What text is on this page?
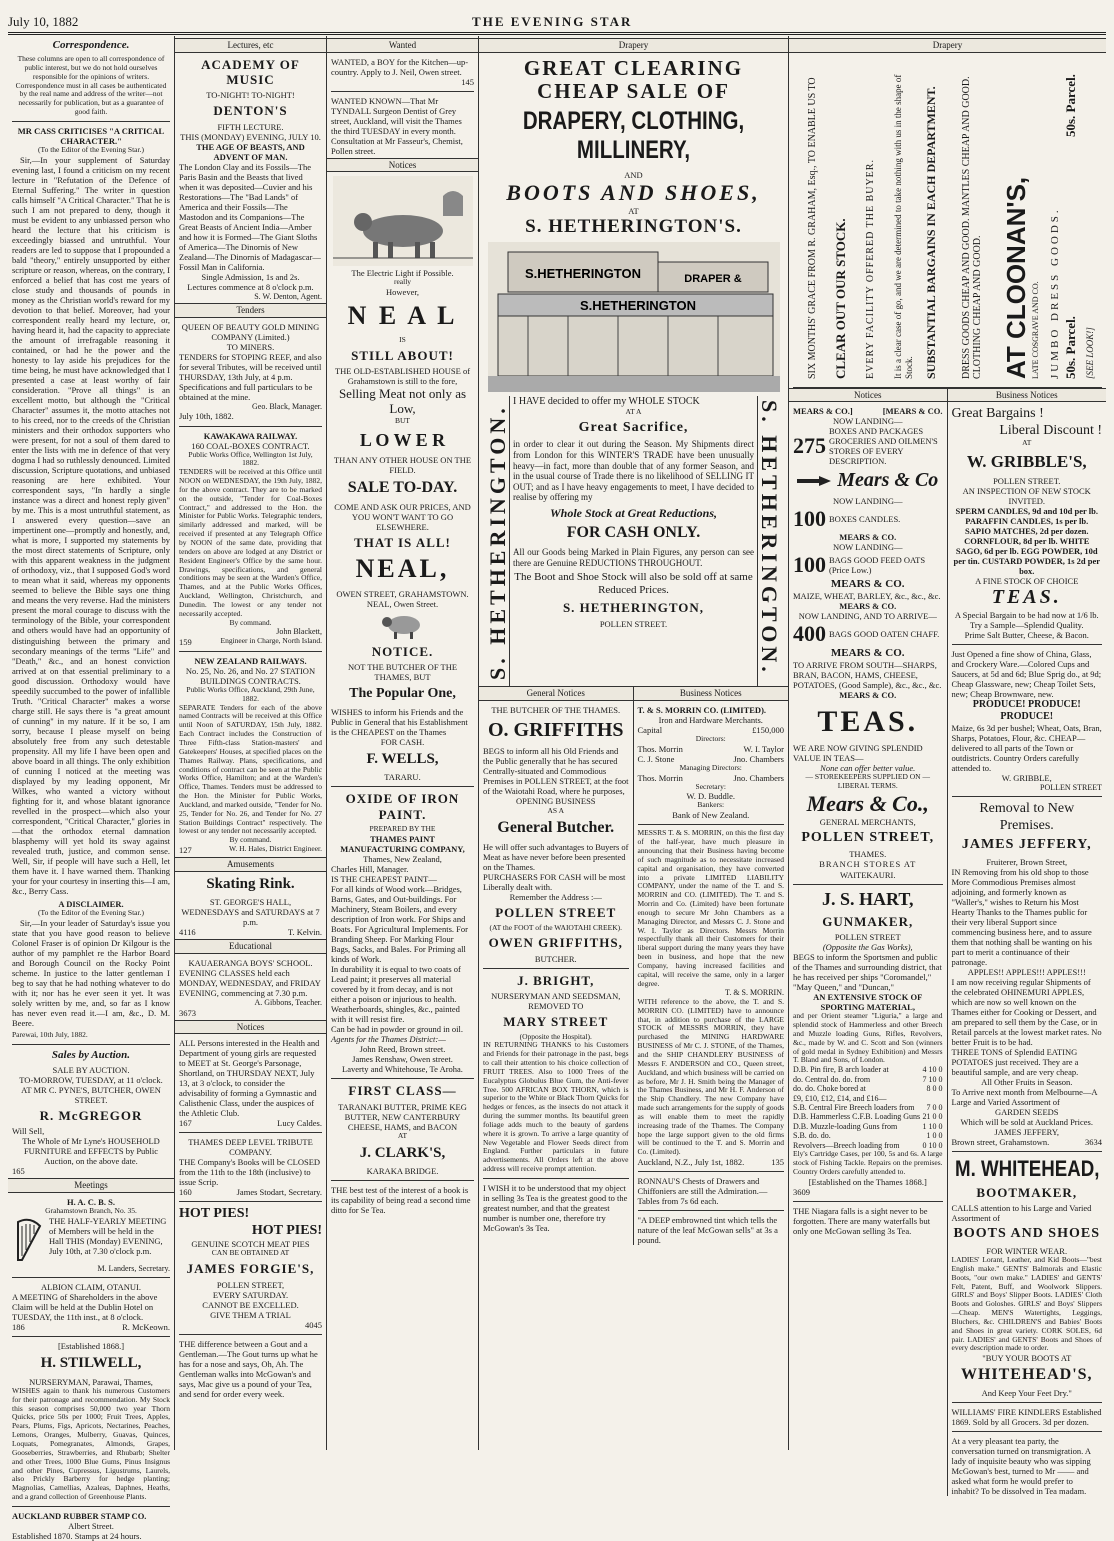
July 10, 1882	THE EVENING STAR
Correspondence.
These columns are open to all correspondence of public interest, but we do not hold ourselves responsible for the opinions of writers. Correspondence must in all cases be authenticated by the real name and address of the writer—not necessarily for publication, but as a guarantee of good faith.
MR CASS CRITICISES "A CRITICAL CHARACTER."
(To the Editor of the Evening Star.)

Sir,—In your supplement of Saturday evening last, I found a criticism on my recent lecture in "Refutation of the Defence of Eternal Suffering." The writer in question calls himself "A Critical Character." That he is such I am not prepared to deny, though it must be evident to any unbiassed person who heard the lecture that his criticism is exceedingly biassed and untruthful. Your readers are led to suppose that I propounded a bald "theory," entirely unsupported by either scripture or reason, whereas, on the contrary, I enforced a belief that has cost me years of close study and thousands of pounds in money as the Christian world's reward for my devotion to that belief. Moreover, had your correspondent really heard my lecture, or, having heard it, had the capacity to appreciate the amount of irrefragable reasoning it contained, or had he the power and the honesty to lay aside his prejudices for the time being, he must have acknowledged that I presented a case at least worthy of fair consideration. "Prove all things" is an excellent motto, but although the "Critical Character" assumes it, the motto attaches not to his creed, nor to the creeds of the Christian ministers and their orthodox supporters who were present, for not a soul of them dared to enter the lists with me in defence of that very dogma I had so ruthlessly denounced. Limited discussion, Scripture quotations, and unbiased reasoning are here exhibited. Your correspondent says, "In hardly a single instance was a direct and honest reply given" by me. This is a most untruthful statement, as I answered every question—save an impertinent one—promptly and honestly, and, what is more, I supported my statements by the most direct statements of Scripture, only with this apparent weakness in the judgment of orthodoxy, viz., that I supposed God's word to mean what it said, whereas my opponents seemed to believe the Bible says one thing and means the very reverse. Had the ministers present the moral courage to discuss with the terminology of the Bible, your correspondent and others would have had an opportunity of distinguishing between the primary and secondary meanings of the terms "Life" and "Death," &c., and an honest conviction arrived at on that essential preliminary to a good discussion. Orthodoxy would have speedily succumbed to the power of infallible Truth. "Critical Character" makes a worse charge still. He says there is "a great amount of cunning" in my nature. If it be so, I am sorry, because I please myself on being absolutely free from any such detestable propensity. All my life I have been open and above board in all things. The only exhibition of cunning I noticed at the meeting was displayed by my leading opponent, Mr Wilkes, who wanted a victory without fighting for it, and whose blatant ignorance revelled in the prospect—which also your correspondent, "Critical Character," glories in—that the orthodox eternal damnation blasphemy will yet hold its sway against revealed truth, justice, and common sense. Well, Sir, if people will have such a Hell, let them have it. I have warned them. Thanking your for your courtesy in inserting this—I am, &c., Berry Cass.

A DISCLAIMER.
(To the Editor of the Evening Star.)

Sir,—In your leader of Saturday's issue you state that you have good reason to believe Colonel Fraser is of opinion Dr Kilgour is the author of my pamphlet re the Harbor Board and Borough Council on the Rocky Point scheme. In justice to the latter gentleman I beg to say that he had nothing whatever to do with it; nor has he ever seen it yet. It was solely written by me, and, so far as I know has never even read it.—I am, &c., D. M. Beere.

Parewai, 10th July, 1882.
Sales by Auction.
SALE BY AUCTION.
TO-MORROW, TUESDAY, at 11 o'clock.
AT MR C. PYNE'S, BUTCHER, OWEN STREET.
R. McGREGOR
Will Sell,
The Whole of Mr Lyne's HOUSEHOLD FURNITURE and EFFECTS by Public Auction, on the above date.
165
Meetings
H. A. C. B. S.
Grahamstown Branch, No. 35.
THE HALF-YEARLY MEETING of Members will be held in the Hall THIS (Monday) EVENING, July 10th, at 7.30 o'clock p.m.
M. Landers, Secretary.
ALBION CLAIM, OTANUI.
A MEETING of Shareholders in the above Claim will be held at the Dublin Hotel on TUESDAY, the 11th inst., at 8 o'clock.
186	R. McKeown.
[Established 1868.]
H. STILWELL,
NURSERYMAN, Parawai, Thames,
WISHES again to thank his numerous Customers for their patronage and recommendation. My Stock this season comprises 50,000 two year Thorn Quicks, price 50s per 1000; Fruit Trees, Apples, Pears, Plums, Figs, Apricots, Nectarines, Peaches, Lemons, Oranges, Mulberry, Guavas, Quinces, Loquats, Pomegranates, Almonds, Grapes, Gooseberries, Strawberries, and Rhubarb; Shelter and other Trees, 1000 Blue Gums, Pinus Insignus and other Pines, Cupressus, Ligustrums, Laurels, also Prickly Barberry for hedge planting; Magnolias, Camellias, Azaleas, Daphnes, Heaths, and a grand collection of Greenhouse Plants.
AUCKLAND RUBBER STAMP CO.
Albert Street.
Established 1870. Stamps at 24 hours.
Lectures, etc
ACADEMY OF MUSIC
TO-NIGHT! TO-NIGHT!
DENTON'S
FIFTH LECTURE.
THIS (MONDAY) EVENING, JULY 10.
THE AGE OF BEASTS, AND ADVENT OF MAN.
The London Clay and its Fossils—The Paris Basin and the Beasts that lived when it was deposited—Cuvier and his Restorations—The "Bad Lands" of America and their Fossils—The Mastodon and its Companions—The Great Beasts of Ancient India—Amber and how it is Formed—The Giant Sloths of America—The Dinornis of New Zealand—The Dinornis of Madagascar—Fossil Man in California.
Single Admission, 1s and 2s.
Lectures commence at 8 o'clock p.m.
S. W. Denton, Agent.
Tenders
QUEEN OF BEAUTY GOLD MINING COMPANY (Limited.)
TO MINERS.
TENDERS for STOPING REEF, and also for several Tributes, will be received until THURSDAY, 13th July, at 4 p.m. Specifications and full particulars to be obtained at the mine.
Geo. Black, Manager.
July 10th, 1882.
KAWAKAWA RAILWAY.
160 COAL-BOXES CONTRACT.
Public Works Office, Wellington 1st July, 1882.
TENDERS will be received at this Office until NOON on WEDNESDAY, the 19th July, 1882, for the above contract. They are to be marked on the outside, "Tender for Coal-Boxes Contract," and addressed to the Hon. the Minister for Public Works. Telegraphic tenders, similarly addressed and marked, will be received if presented at any Telegraph Office by NOON of the same date, providing that tenders on above are lodged at any District or Resident Engineer's Office by the same hour. Drawings, specifications, and general conditions may be seen at the Warden's Office, Thames, and at the Public Works Offices, Auckland, Wellington, Christchurch, and Dunedin. The lowest or any tender not necessarily accepted.
By command.
John Blackett,
159	Engineer in Charge, North Island.
NEW ZEALAND RAILWAYS.
No. 25, No. 26, and No. 27 STATION BUILDINGS CONTRACTS.
Public Works Office, Auckland, 29th June, 1882.
SEPARATE Tenders for each of the above named Contracts will be received at this Office until Noon of SATURDAY, 15th July, 1882. Each Contract includes the Construction of Three Fifth-class Station-masters' and Gatekeepers' Houses, at specified places on the Thames Railway. Plans, specifications, and conditions of contract can be seen at the Public Works Office, Hamilton; and at the Warden's Office, Thames. Tenders must be addressed to the Hon. the Minister for Public Works, Auckland, and marked outside, "Tender for No. 25, Tender for No. 26, and Tender for No. 27 Station Buildings Contract" respectively. The lowest or any tender not necessarily accepted.
By command.
127	W. H. Hales, District Engineer.
Amusements
Skating Rink.
ST. GEORGE'S HALL,
WEDNESDAYS and SATURDAYS at 7 p.m.
4116	T. Kelvin.
Educational
KAUAERANGA BOYS' SCHOOL.
EVENING CLASSES held each MONDAY, WEDNESDAY, and FRIDAY EVENING, commencing at 7.30 p.m.
A. Gibbons, Teacher.
3673
Notices
ALL Persons interested in the Health and Department of young girls are requested to MEET at St. George's Parsonage, Shortland, on THURSDAY NEXT, July 13, at 3 o'clock, to consider the advisability of forming a Gymnastic and Calisthenic Class, under the auspices of the Athletic Club.
167	Lucy Caldes.
THAMES DEEP LEVEL TRIBUTE COMPANY.
THE Company's Books will be CLOSED from the 11th to the 18th (inclusive) to issue Scrip.
160	James Stodart, Secretary.
HOT PIES!
HOT PIES!
GENUINE SCOTCH MEAT PIES
CAN BE OBTAINED AT
JAMES FORGIE'S,
POLLEN STREET,
EVERY SATURDAY.
CANNOT BE EXCELLED.
GIVE THEM A TRIAL
4045
THE difference between a Gout and a Gentleman.—The Gout turns up what he has for a nose and says, Oh, Ah. The Gentleman walks into McGowan's and says, Mac give us a pound of your Tea, and send for order every week.
Wanted
WANTED, a BOY for the Kitchen—up-country. Apply to J. Neil, Owen street.
145
WANTED KNOWN—That Mr TYNDALL Surgeon Dentist of Grey street, Auckland, will visit the Thames the third TUESDAY in every month. Consultation at Mr Fasseur's, Chemist, Pollen street.
Notices
The Electric Light if Possible.
really
However,
N E A L
IS
STILL ABOUT!
THE OLD-ESTABLISHED HOUSE of Grahamstown is still to the fore,
Selling Meat not only as Low,
BUT
L O W E R
THAN ANY OTHER HOUSE ON THE FIELD.
SALE TO-DAY.
COME AND ASK OUR PRICES, AND
YOU WON'T WANT TO GO ELSEWHERE.
THAT IS ALL!
NEAL,
OWEN STREET, GRAHAMSTOWN.
NEAL, Owen Street.
NOTICE.
NOT THE BUTCHER OF THE THAMES, BUT
The Popular One,
WISHES to inform his Friends and the Public in General that his Establishment is the CHEAPEST on the Thames
FOR CASH.
F. WELLS,
TARARU.
OXIDE OF IRON PAINT.
PREPARED BY THE
THAMES PAINT MANUFACTURING COMPANY,
Thames, New Zealand,
Charles Hill, Manager.
IS THE CHEAPEST PAINT—
For all kinds of Wood work—Bridges, Barns, Gates, and Out-buildings. For Machinery, Steam Boilers, and every description of Iron work. For Ships and Boats. For Agricultural Implements. For Branding Sheep. For Marking Flour Bags, Sacks, and Bales. For Priming all kinds of Work.
In durability it is equal to two coats of Lead paint; it preserves all material covered by it from decay, and is not either a poison or injurious to health.
Weatherboards, shingles, &c., painted with it will resist fire.
Can be had in powder or ground in oil.
Agents for the Thames District:—
John Reed, Brown street.
James Renshaw, Owen street.
Laverty and Whitehouse, Te Aroha.
FIRST CLASS—
TARANAKI BUTTER, PRIME KEG BUTTER, NEW CANTERBURY CHEESE, HAMS, and BACON
AT
J. CLARK'S,
KARAKA BRIDGE.
THE best test of the interest of a book is its capability of being read a second time ditto for Se Tea.
Drapery
GREAT CLEARING CHEAP SALE OF
DRAPERY, CLOTHING, MILLINERY,
AND
BOOTS AND SHOES,
AT
S. HETHERINGTON'S.
S.HETHERINGTON	DRAPER &
S.HETHERINGTON
S. HETHERINGTON.	S. HETHERINGTON.
I HAVE decided to offer my WHOLE STOCK
AT A
Great Sacrifice,
in order to clear it out during the Season. My Shipments direct from London for this WINTER'S TRADE have been unusually heavy—in fact, more than double that of any former Season, and in the usual course of Trade there is no likelihood of SELLING IT OUT; and as I have heavy engagements to meet, I have decided to realise by offering my
Whole Stock at Great Reductions,
FOR CASH ONLY.
All our Goods being Marked in Plain Figures, any person can see there are Genuine REDUCTIONS THROUGHOUT.
The Boot and Shoe Stock will also be sold off at same Reduced Prices.
S. HETHERINGTON,
POLLEN STREET.
General Notices
THE BUTCHER OF THE THAMES.
O. GRIFFITHS
BEGS to inform all his Old Friends and the Public generally that he has secured Centrally-situated and Commodious Premises in POLLEN STREET, at the foot of the Waiotahi Road, where he purposes,
OPENING BUSINESS
AS A
General Butcher.
He will offer such advantages to Buyers of Meat as have never before been presented on the Thames.
PURCHASERS FOR CASH will be most Liberally dealt with.
Remember the Address :—
POLLEN STREET
(AT the FOOT of the WAIOTAHI CREEK).
OWEN GRIFFITHS,
BUTCHER.
J. BRIGHT,
NURSERYMAN AND SEEDSMAN, REMOVED TO
MARY STREET
(Opposite the Hospital).
IN RETURNING THANKS to his Customers and Friends for their patronage in the past, begs to call their attention to his choice collection of FRUIT TREES. Also to 1000 Trees of the Eucalyptus Globulus Blue Gum, the Anti-fever Tree. 500 AFRICAN BOX THORN, which is superior to the White or Black Thorn Quicks for hedges or fences, as the insects do not attack it during the summer months. Its beautiful green foliage adds much to the beauty of gardens where it is grown. To arrive a large quantity of New Vegetable and Flower Seeds direct from England. Further particulars in future advertisements. All Orders left at the above address will receive prompt attention.
I WISH it to be understood that my object in selling 3s Tea is the greatest good to the greatest number, and that the greatest number is number one, therefore try McGowan's 3s Tea.
Business Notices
T. & S. MORRIN CO. (LIMITED).
Iron and Hardware Merchants.
Capital	£150,000
Directors:
Thos. Morrin	W. I. Taylor
C. J. Stone	Jno. Chambers
Managing Directors:
Thos. Morrin	Jno. Chambers
Secretary:
W. D. Buddle.
Bankers:
Bank of New Zealand.
MESSRS T. & S. MORRIN, on this the first day of the half-year, have much pleasure in announcing that their Business having become of such magnitude as to necessitate increased capital and organisation, they have converted into a private LIMITED LIABILITY COMPANY, under the name of the T. and S. MORRIN and CO. (LIMITED). The T. and S. Morrin and Co. (Limited) have been fortunate enough to secure Mr John Chambers as a Managing Director, and Messrs C. J. Stone and W. I. Taylor as Directors. Messrs Morrin respectfully thank all their Customers for their liberal support during the many years they have been in business, and hope that the new Company, having increased facilities and capital, will receive the same, only in a larger degree.
T. & S. MORRIN.
WITH reference to the above, the T. and S. MORRIN CO. (LIMITED) have to announce that, in addition to purchase of the LARGE STOCK of MESSRS MORRIN, they have purchased the MINING HARDWARE BUSINESS of Mr C. J. STONE, of the Thames, and the SHIP CHANDLERY BUSINESS of Messrs F. ANDERSON and CO., Queen street, Auckland, and which business will be carried on as before, Mr J. H. Smith being the Manager of the Thames Business, and Mr H. F. Anderson of the Ship Chandlery. The new Company have made such arrangements for the supply of goods as will enable them to meet the rapidly increasing trade of the Thames. The Company hope the large support given to the old firms will be continued to the T. and S. Morrin and Co. (Limited).
Auckland, N.Z., July 1st, 1882.	135
RONNAU'S Chests of Drawers and Chiffoniers are still the Admiration.—Tables from 7s 6d each.
"A DEEP embrowned tint which tells the nature of the leaf McGowan sells" at 3s a pound.
Drapery
SIX MONTHS' GRACE FROM R. GRAHAM, Esq., TO ENABLE US TO CLEAR OUT OUR STOCK. EVERY FACILITY OFFERED THE BUYER. It is a clear case of go, and we are determined to take nothing with us in the shape of Stock. SUBSTANTIAL BARGAINS IN EACH DEPARTMENT. DRESS GOODS CHEAP AND GOOD. MANTLES CHEAP AND GOOD. CLOTHING CHEAP AND GOOD. AT CLOONAN'S, LATE COSGRAVE AND CO. JUMBO DRESS GOODS.
50s. Parcel.
50s. Parcel. [SEE LOOK!]
Notices
MEARS & CO.]	[MEARS & CO.
NOW LANDING—
275
BOXES AND PACKAGES GROCERIES AND OILMEN'S STORES OF EVERY DESCRIPTION.
Mears & Co
NOW LANDING—
100 BOXES CANDLES.
MEARS & CO.
NOW LANDING—
100 BAGS GOOD FEED OATS (Price Low.)
MEARS & CO.
MAIZE, WHEAT, BARLEY, &c., &c., &c.
MEARS & CO.
NOW LANDING, AND TO ARRIVE—
400 BAGS GOOD OATEN CHAFF.
MEARS & CO.
TO ARRIVE FROM SOUTH—SHARPS, BRAN, BACON, HAMS, CHEESE, POTATOES, (Good Sample), &c., &c., &c.
MEARS & CO.
TEAS.
WE ARE NOW GIVING SPLENDID VALUE IN TEAS—
None can offer better value.
— STOREKEEPERS SUPPLIED ON — LIBERAL TERMS.
Mears & Co.,
GENERAL MERCHANTS,
POLLEN STREET,
THAMES.
BRANCH STORES AT
WAITEKAURI.
J. S. HART,
GUNMAKER,
POLLEN STREET
(Opposite the Gas Works),
BEGS to inform the Sportsmen and public of the Thames and surrounding district, that he has received per ships "Coromandel," "May Queen," and "Duncan,"
AN EXTENSIVE STOCK OF SPORTING MATERIAL,
and per Orient steamer "Liguria," a large and splendid stock of Hammerless and other Breech and Muzzle loading Guns, Rifles, Revolvers, &c., made by W. and C. Scott and Son (winners of gold medal in Sydney Exhibition) and Messrs T. Bland and Sons, of London.
D.B. Pin fire, B arch loader at	4 10 0
do. Central do. do. from	7 10 0
do. do. Choke bored at	8 0 0
£9, £10, £12, £14, and £16—	
S.B. Central Fire Breech loaders from	7 0 0
D.B. Hammerless C.F.B. Loading Guns	21 0 0
D.B. Muzzle-loading Guns from	1 10 0
S.B. do. do.	1 0 0
Revolvers—Breech loading from	0 10 0
Ely's Cartridge Cases, per 100, 5s and 6s. A large stock of Fishing Tackle. Repairs on the premises. Country Orders carefully attended to.
[Established on the Thames 1868.]
3609
THE Niagara falls is a sight never to be forgotten. There are many waterfalls but only one McGowan selling 3s Tea.
Business Notices
Great Bargains !
Liberal Discount !
AT
W. GRIBBLE'S,
POLLEN STREET.
AN INSPECTION OF NEW STOCK INVITED.
SPERM CANDLES, 9d and 10d per lb. PARAFFIN CANDLES, 1s per lb. SAPIO MATCHES, 2d per dozen. CORNFLOUR, 8d per lb. WHITE SAGO, 6d per lb. EGG POWDER, 10d per tin. CUSTARD POWDER, 1s 2d per box.
A FINE STOCK OF CHOICE
TEAS.
A Special Bargain to be had now at 1/6 lb. Try a Sample—Splendid Quality.
Prime Salt Butter, Cheese, & Bacon.
Just Opened a fine show of China, Glass, and Crockery Ware.—Colored Cups and Saucers, at 5d and 6d; Blue Sprig do., at 9d; Cheap Glassware, new; Cheap Toilet Sets, new; Cheap Brownware, new.
PRODUCE! PRODUCE! PRODUCE!
Maize, 6s 3d per bushel; Wheat, Oats, Bran, Sharps, Potatoes, Flour, &c. CHEAP—delivered to all parts of the Town or outdistricts. Country Orders carefully attended to.
W. GRIBBLE,
POLLEN STREET
Removal to New Premises.
JAMES JEFFERY,
Fruiterer, Brown Street,
IN Removing from his old shop to those More Commodious Premises almost adjoining, and formerly known as "Waller's," wishes to Return his Most Hearty Thanks to the Thames public for their very liberal Support since commencing business here, and to assure them that nothing shall be wanting on his part to merit a continuance of their patronage.
APPLES!! APPLES!!! APPLES!!!
I am now receiving regular Shipments of the celebrated OHINEMURI APPLES, which are now so well known on the Thames either for Cooking or Dessert, and am prepared to sell them by the Case, or in Retail parcels at the lowest market rates. No better Fruit is to be had.
THREE TONS of Splendid EATING POTATOES just received. They are a beautiful sample, and are very cheap.
All Other Fruits in Season.
To Arrive next month from Melbourne—A Large and Varied Assortment of
GARDEN SEEDS
Which will be sold at Auckland Prices.
JAMES JEFFERY,
Brown street, Grahamstown.	3634
M. WHITEHEAD,
BOOTMAKER,
CALLS attention to his Large and Varied Assortment of
BOOTS AND SHOES
FOR WINTER WEAR.
LADIES' Lorant, Leather, and Kid Boots—"best English make." GENTS' Balmorals and Elastic Boots, "our own make." LADIES' and GENTS' Felt, Patent, Buff, and Woolwork Slippers. GIRLS' and Boys' Slipper Boots. LADIES' Cloth Boots and Goloshes. GIRLS' and Boys' Slippers—Cheap. MEN'S Watertights, Leggings, Bluchers, &c. CHILDREN'S and Babies' Boots and Shoes in great variety. CORK SOLES, 6d pair. LADIES' and GENTS' Boots and Shoes of every description made to order.
"BUY YOUR BOOTS AT
WHITEHEAD'S,
And Keep Your Feet Dry."
WILLIAMS' FIRE KINDLERS Established 1869. Sold by all Grocers. 3d per dozen.
At a very pleasant tea party, the conversation turned on transmigration. A lady of inquisite beauty who was sipping McGowan's best, turned to Mr —— and asked what form he would prefer to inhabit? To be dissolved in Tea madam.
